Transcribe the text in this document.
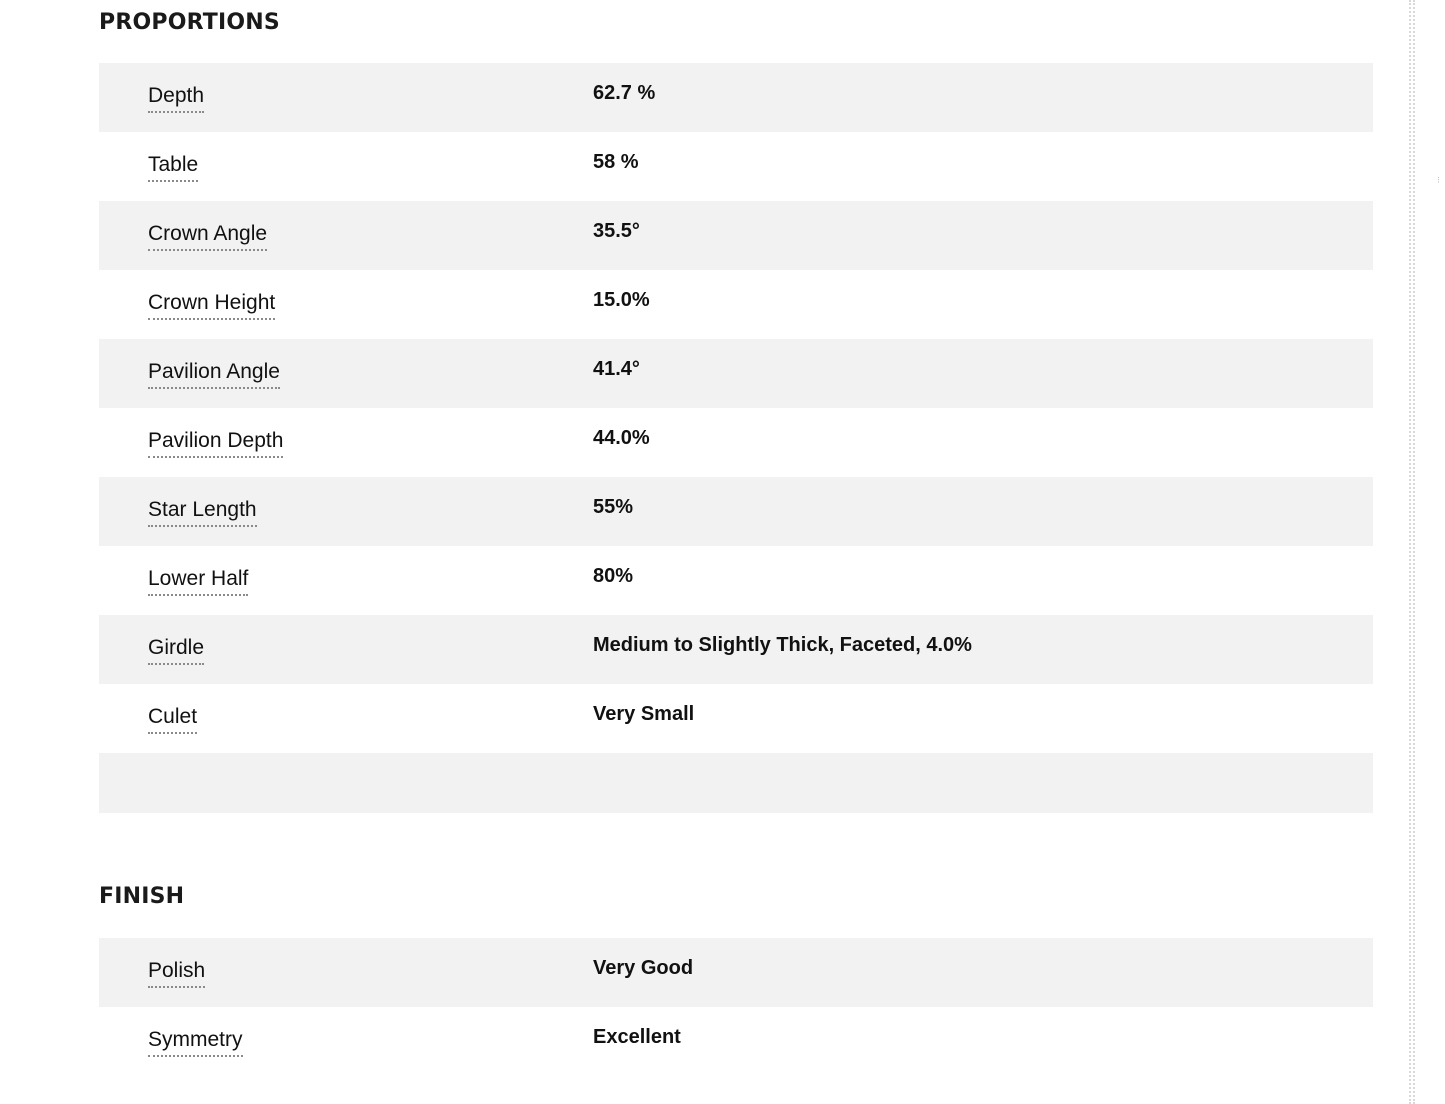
PROPORTIONS
Depth	62.7 %
Table	58 %
Crown Angle	35.5°
Crown Height	15.0%
Pavilion Angle	41.4°
Pavilion Depth	44.0%
Star Length	55%
Lower Half	80%
Girdle	Medium to Slightly Thick, Faceted, 4.0%
Culet	Very Small
FINISH
Polish	Very Good
Symmetry	Excellent
⁝
